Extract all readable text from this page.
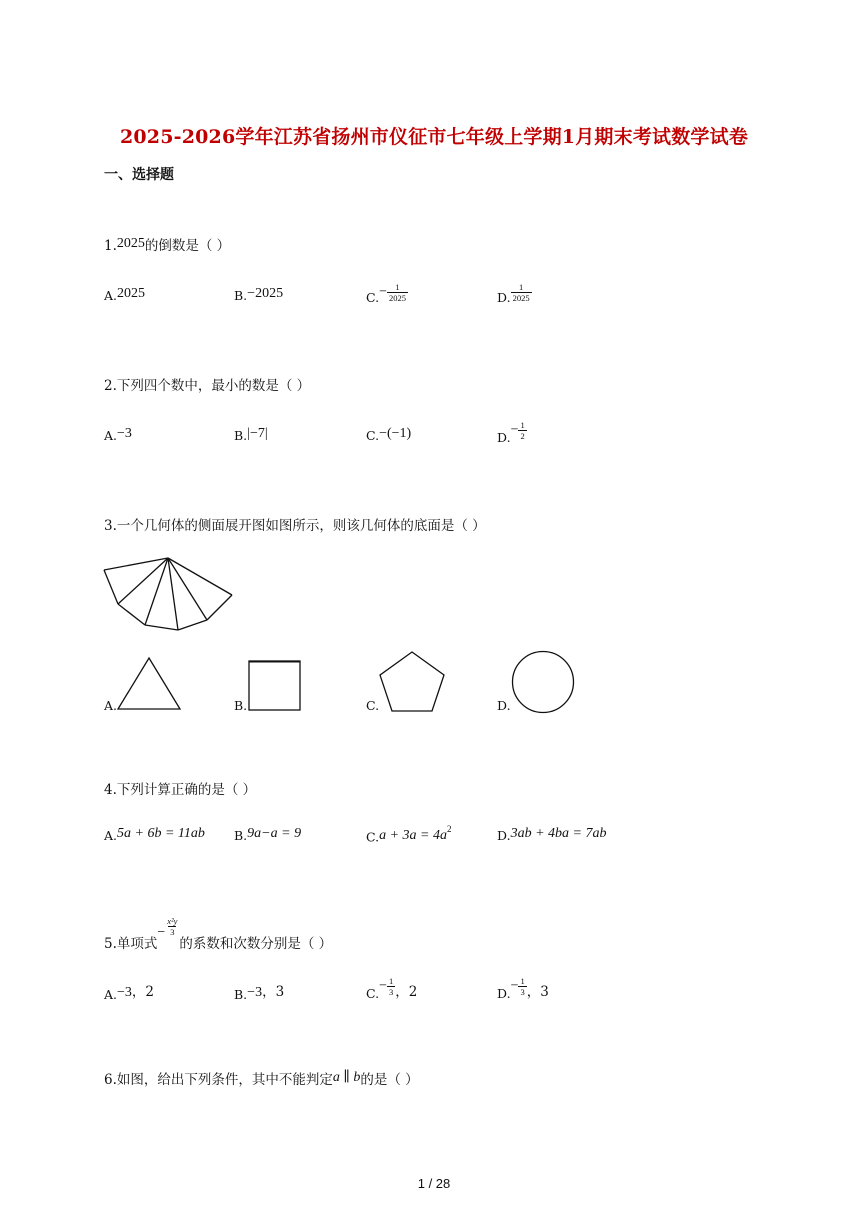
2025-2026学年江苏省扬州市仪征市七年级上学期1月期末考试数学试卷
一、选择题
1.2025的倒数是（ ）
A.2025	B.−2025	$C.- \frac{1}{2025}$	D. $\frac{1}{2025}$
2.下列四个数中，最小的数是（ ）
A.−3	B.|−7|	C.−(−1)	$D.- \frac{1}{2}$
3.一个几何体的侧面展开图如图所示，则该几何体的底面是（ ）
A.	B.	C.	D.
4.下列计算正确的是（ ）
A.5a + 6b = 11ab B.9a−a = 9	$C.a + 3a = 4a^2$	D.3ab + 4ba = 7ab
5.单项式− $\frac{\text{x²y}}{3}$
的系数和次数分别是（ ）
A.−3，2	B.−3，3	$C.- \frac{1}{3}$ ，2	$D.- \frac{1}{3}$ ，3
6.如图，给出下列条件，其中不能判定a ∥ b的是（ ）
1 / 28
